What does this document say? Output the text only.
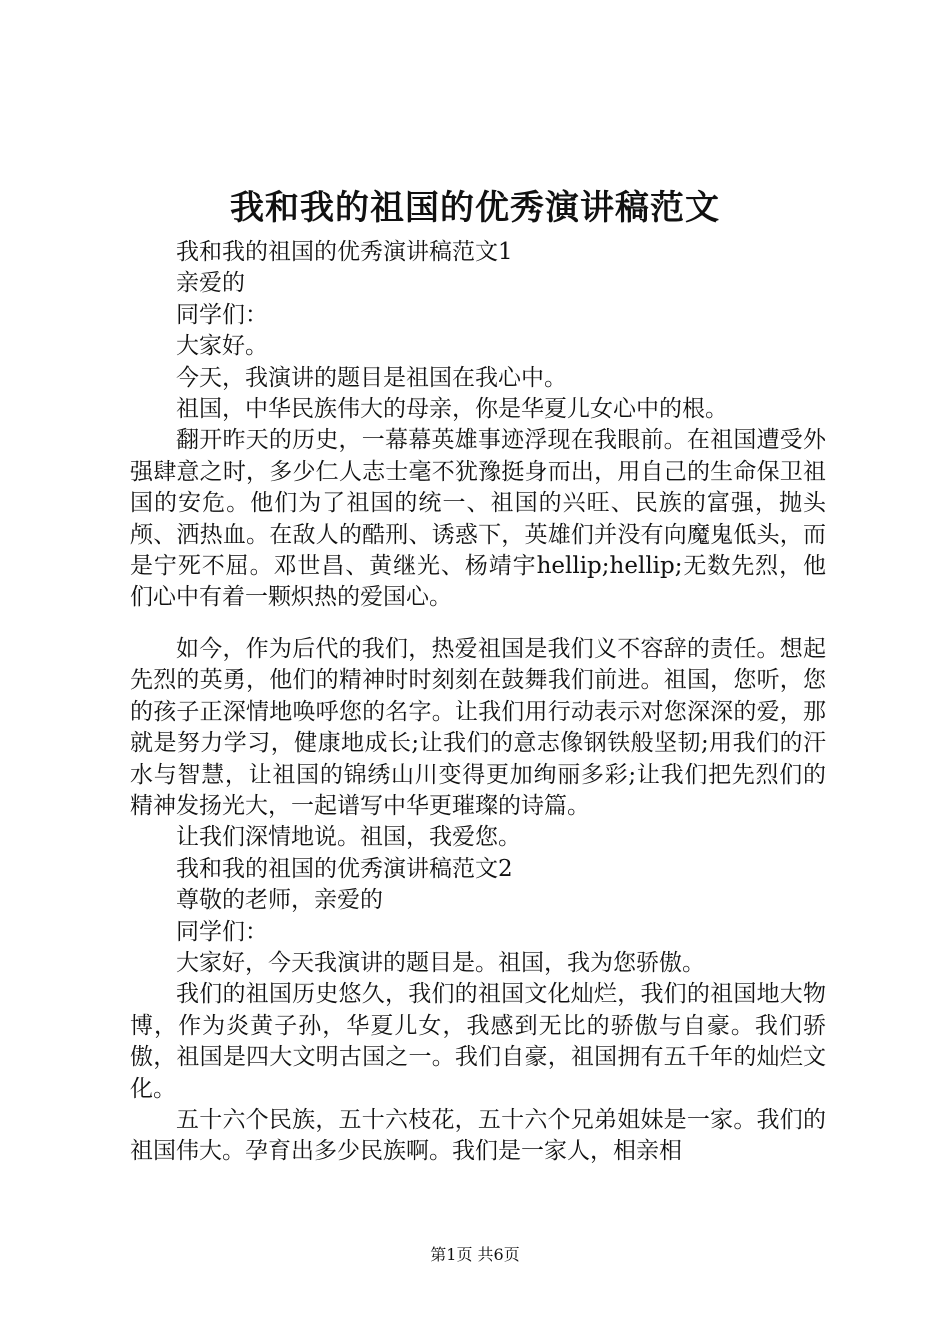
我和我的祖国的优秀演讲稿范文

我和我的祖国的优秀演讲稿范文1

亲爱的

同学们：

大家好。

今天，我演讲的题目是祖国在我心中。

祖国，中华民族伟大的母亲，你是华夏儿女心中的根。

翻开昨天的历史，一幕幕英雄事迹浮现在我眼前。在祖国遭受外强肆意之时，多少仁人志士毫不犹豫挺身而出，用自己的生命保卫祖国的安危。他们为了祖国的统一、祖国的兴旺、民族的富强，抛头颅、洒热血。在敌人的酷刑、诱惑下，英雄们并没有向魔鬼低头，而是宁死不屈。邓世昌、黄继光、杨靖宇hellip;hellip;无数先烈，他们心中有着一颗炽热的爱国心。

如今，作为后代的我们，热爱祖国是我们义不容辞的责任。想起先烈的英勇，他们的精神时时刻刻在鼓舞我们前进。祖国，您听，您的孩子正深情地唤呼您的名字。让我们用行动表示对您深深的爱，那就是努力学习，健康地成长;让我们的意志像钢铁般坚韧;用我们的汗水与智慧，让祖国的锦绣山川变得更加绚丽多彩;让我们把先烈们的精神发扬光大，一起谱写中华更璀璨的诗篇。

让我们深情地说。祖国，我爱您。

我和我的祖国的优秀演讲稿范文2

尊敬的老师，亲爱的

同学们：

大家好，今天我演讲的题目是。祖国，我为您骄傲。

我们的祖国历史悠久，我们的祖国文化灿烂，我们的祖国地大物博，作为炎黄子孙，华夏儿女，我感到无比的骄傲与自豪。我们骄傲，祖国是四大文明古国之一。我们自豪，祖国拥有五千年的灿烂文化。

五十六个民族，五十六枝花，五十六个兄弟姐妹是一家。我们的祖国伟大。孕育出多少民族啊。我们是一家人，相亲相

第1页 共6页
